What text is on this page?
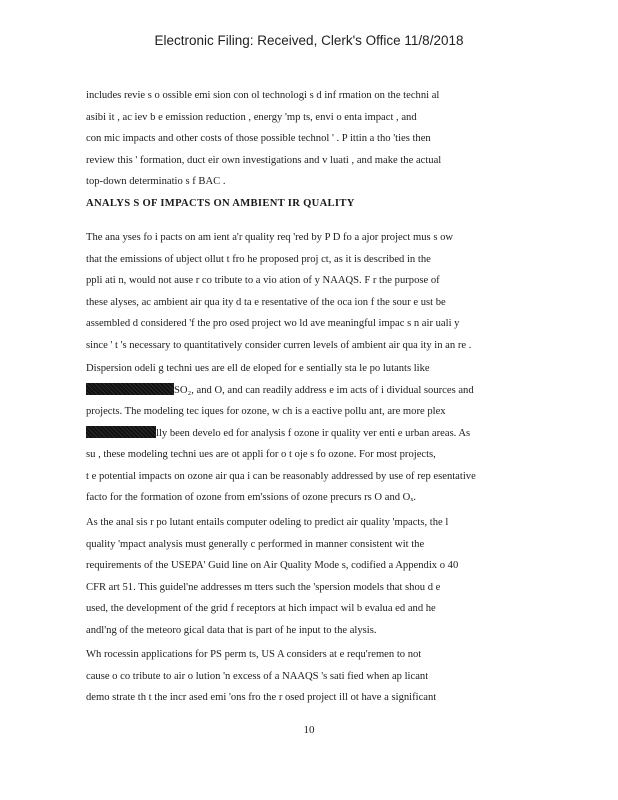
Electronic Filing: Received, Clerk's Office 11/8/2018
includes revie s o ossible emi sion con ol technologi s d inf rmation on the techni al
asibi it , ac iev b e emission reduction , energy 'mp ts, envi o enta impact , and
con mic impacts and other costs of those possible technol ' . P ittin a tho 'ties then
review this ' formation, duct eir own investigations and v luati , and make the actual
top-down determinatio s f BAC .
ANALYS S OF IMPACTS ON AMBIENT IR QUALITY
The ana yses fo i pacts on am ient a'r quality req 'red by P D fo a ajor project mus s ow
that the emissions of ubject ollut t fro he proposed proj ct, as it is described in the
ppli ati n, would not ause r co tribute to a vio ation of y NAAQS. F r the purpose of
these alyses, ac ambient air qua ity d ta e resentative of the oca ion f the sour e ust be
assembled d considered 'f the pro osed project wo ld ave meaningful impac s n air uali y
since ' t 's necessary to quantitatively consider curren levels of ambient air qua ity in an re .
Dispersion odeli g techni ues are ell de eloped for e sentially sta le po lutants like
SO₂, and O, and can readily address e im acts of i dividual sources and
projects. The modeling tec iques for ozone, w ch is a eactive pollu ant, are more plex
lly been develo ed for analysis f ozone ir quality ver enti e urban areas. As
su , these modeling techni ues are ot appli for o t oje s fo ozone. For most projects,
t e potential impacts on ozone air qua i can be reasonably addressed by use of rep esentative
facto for the formation of ozone from em'ssions of ozone precurs rs O and Oₓ.
As the anal sis r po lutant entails computer odeling to predict air quality 'mpacts, the l
quality 'mpact analysis must generally c performed in manner consistent wit the
requirements of the USEPA' Guid line on Air Quality Mode s, codified a Appendix o 40
CFR art 51. This guidel'ne addresses m tters such the 'spersion models that shou d e
used, the development of the grid f receptors at hich impact wil b evalua ed and he
andl'ng of the meteoro gical data that is part of he input to the alysis.
Wh rocessin applications for PS perm ts, US A considers at e requ'remen to not
cause o co tribute to air o lution 'n excess of a NAAQS 's sati fied when ap licant
demo strate th t the incr ased emi 'ons fro the r osed project ill ot have a significant
10
